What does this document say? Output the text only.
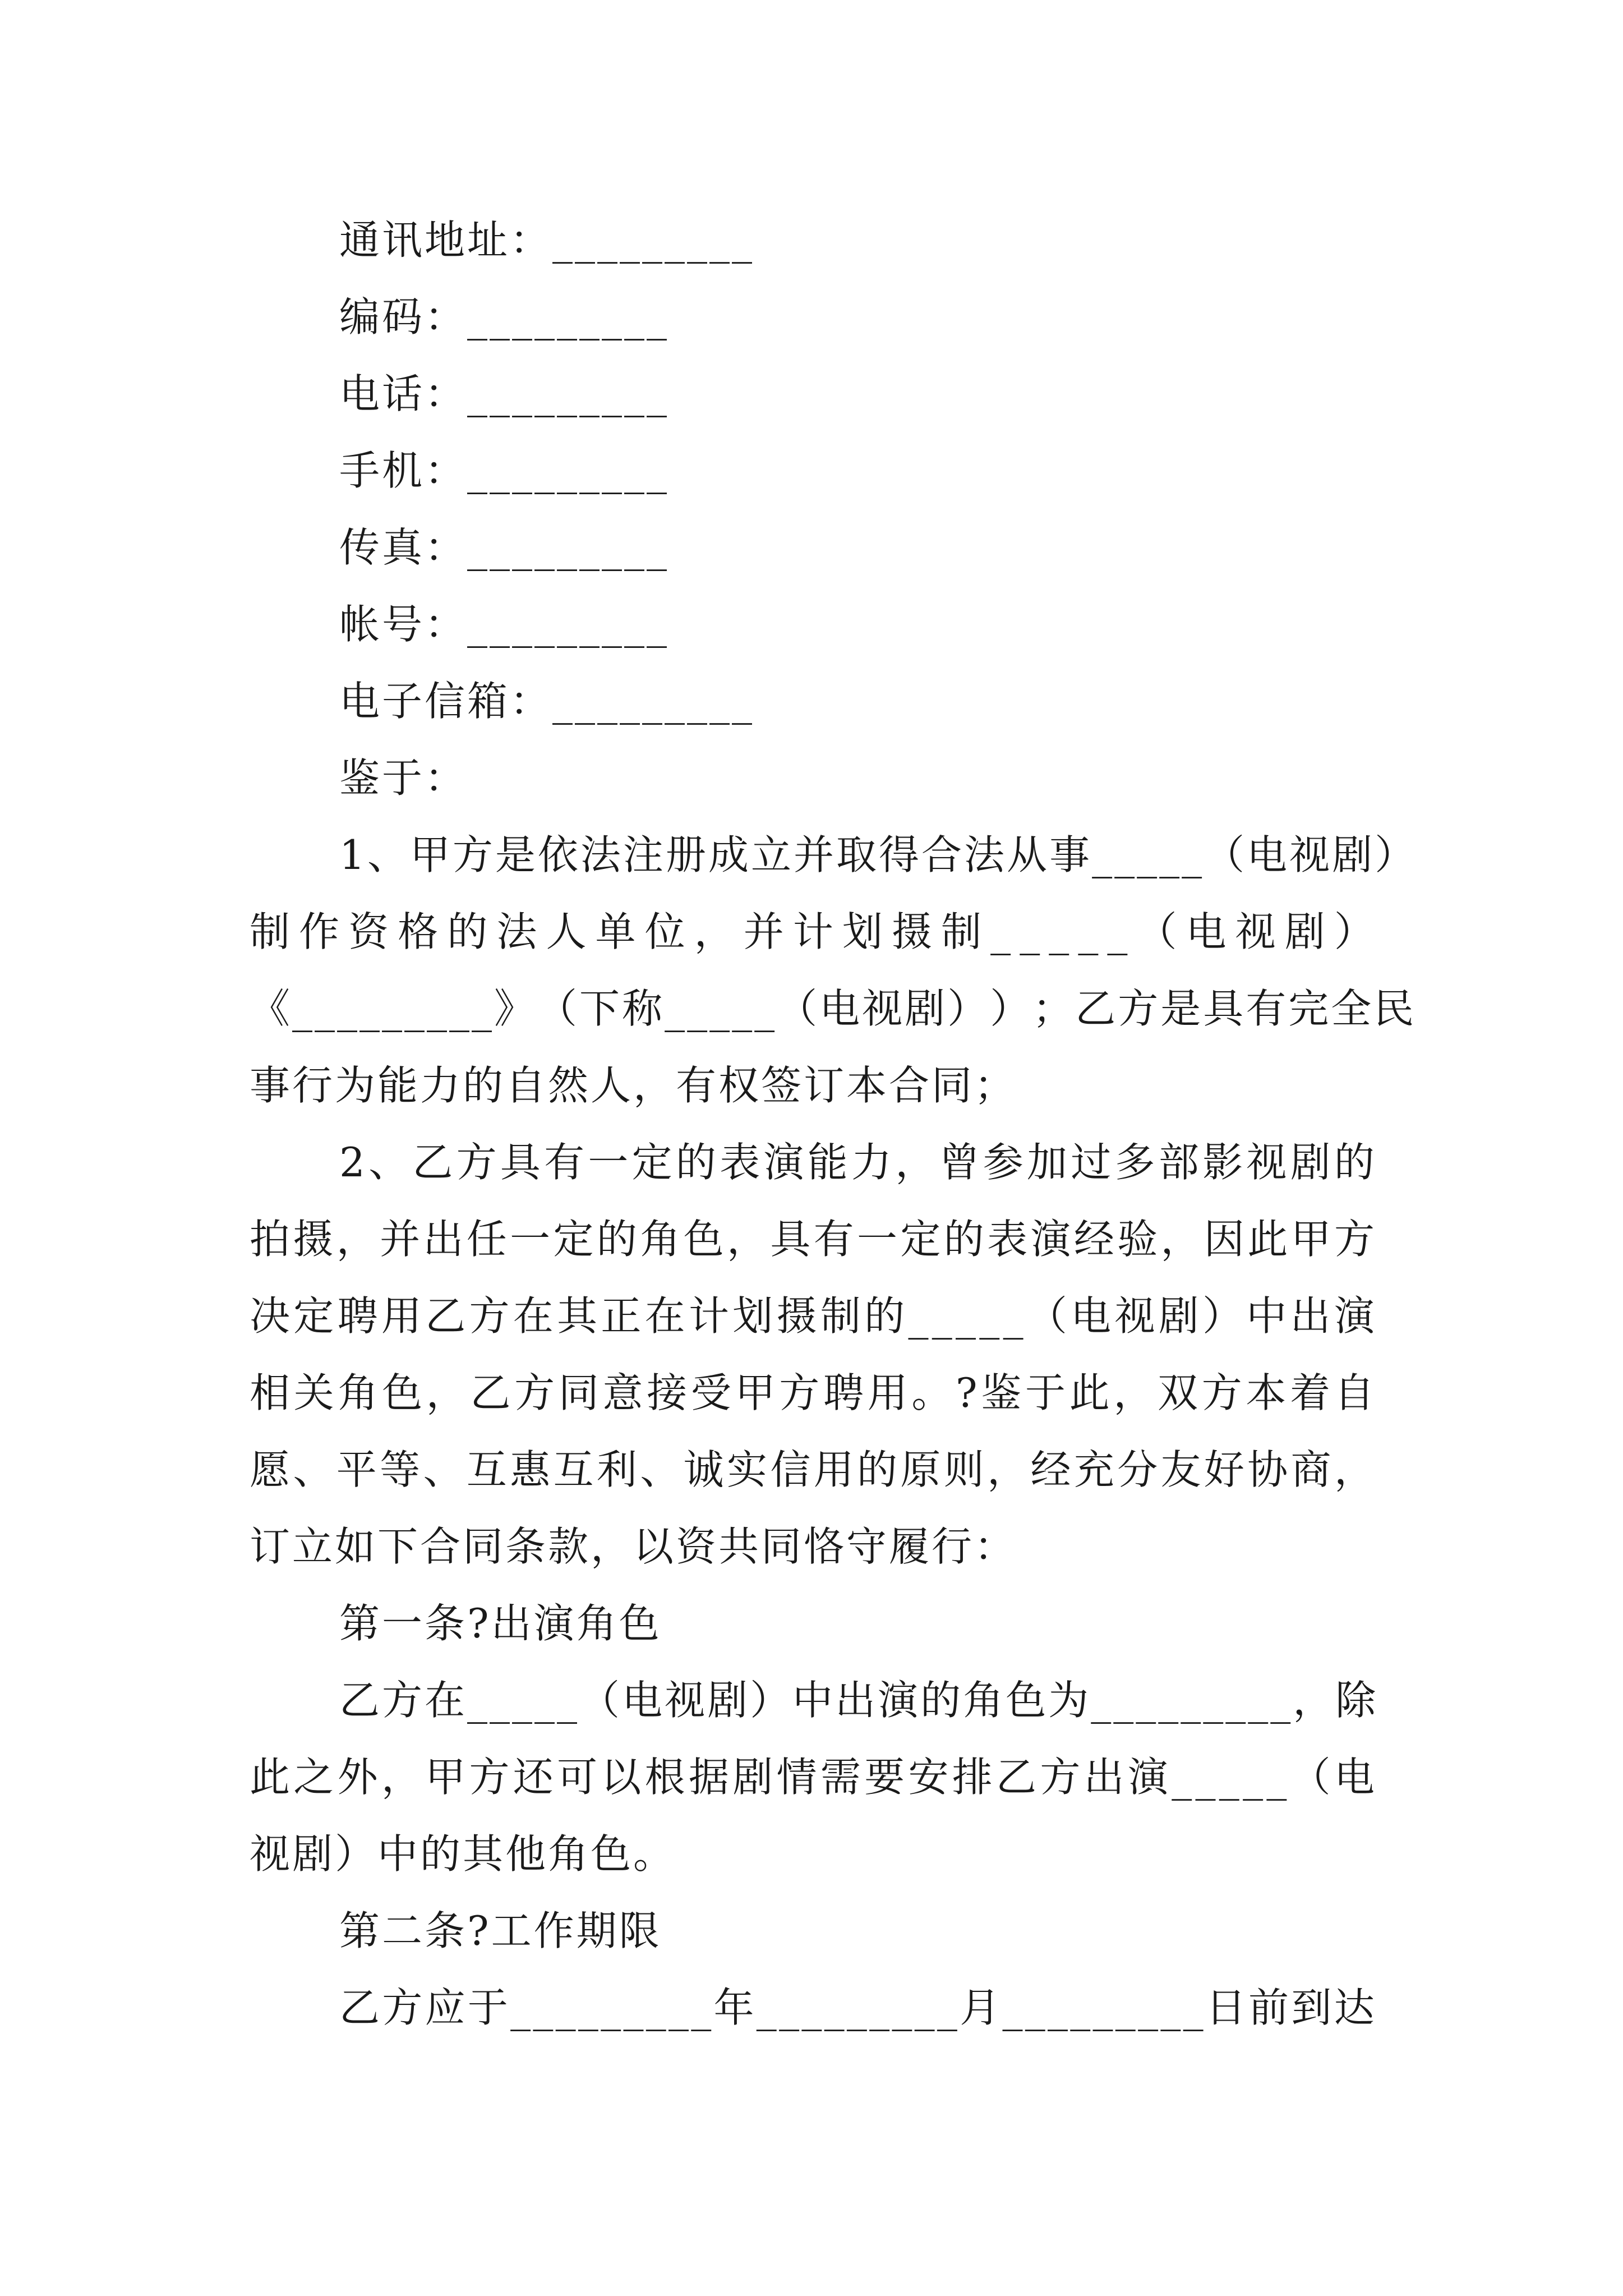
通讯地址：_________
编码：_________
电话：_________
手机：_________
传真：_________
帐号：_________
电子信箱：_________
鉴于：
1 、 甲 方 是 依 法 注 册 成 立 并 取 得 合 法 从 事 _ _ _ _ _ （ 电 视 剧 ）
制 作 资 格 的 法 人 单 位 ， 并 计 划 摄 制 _ _ _ _ _ （ 电 视 剧 ）
《 _ _ _ _ _ _ _ _ _ 》 （ 下 称 _ _ _ _ _ （ 电 视 剧 ） ） ； 乙 方 是 具 有 完 全 民
事行为能力的自然人，有权签订本合同；
2 、 乙 方 具 有 一 定 的 表 演 能 力 ， 曾 参 加 过 多 部 影 视 剧 的
拍 摄 ， 并 出 任 一 定 的 角 色 ， 具 有 一 定 的 表 演 经 验 ， 因 此 甲 方
决 定 聘 用 乙 方 在 其 正 在 计 划 摄 制 的 _ _ _ _ _ （ 电 视 剧 ） 中 出 演
相 关 角 色 ， 乙 方 同 意 接 受 甲 方 聘 用 。 ? 鉴 于 此 ， 双 方 本 着 自
愿 、 平 等 、 互 惠 互 利 、 诚 实 信 用 的 原 则 ， 经 充 分 友 好 协 商 ，
订立如下合同条款，以资共同恪守履行：
第一条?出演角色
乙 方 在 _ _ _ _ _ （ 电 视 剧 ） 中 出 演 的 角 色 为 _ _ _ _ _ _ _ _ _ ， 除
此 之 外 ， 甲 方 还 可 以 根 据 剧 情 需 要 安 排 乙 方 出 演 _ _ _ _ _ （ 电
视剧）中的其他角色。
第二条?工作期限
乙 方 应 于 _ _ _ _ _ _ _ _ _ 年 _ _ _ _ _ _ _ _ _ 月 _ _ _ _ _ _ _ _ _ 日 前 到 达
